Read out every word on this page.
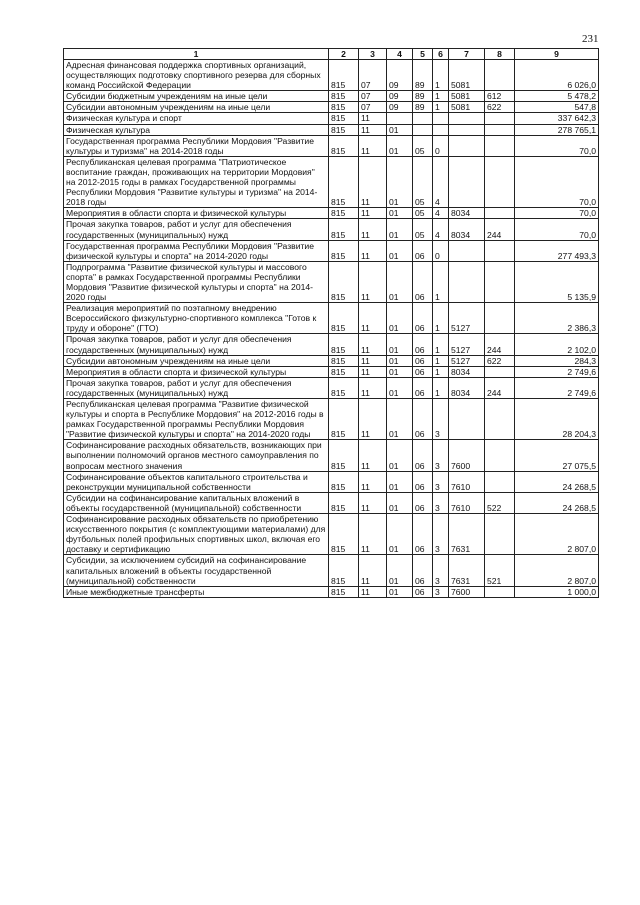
231
1	2	3	4	5	6	7	8	9
Адресная финансовая поддержка спортивных организаций, осуществляющих подготовку спортивного резерва для сборных команд Российской Федерации	815	07	09	89	1	5081		6 026,0
Субсидии бюджетным учреждениям на иные цели	815	07	09	89	1	5081	612	5 478,2
Субсидии автономным учреждениям на иные цели	815	07	09	89	1	5081	622	547,8
Физическая культура и спорт	815	11						337 642,3
Физическая культура	815	11	01					278 765,1
Государственная программа Республики Мордовия "Развитие культуры и туризма" на 2014-2018 годы	815	11	01	05	0			70,0
Республиканская целевая программа "Патриотическое воспитание граждан, проживающих на территории Мордовия" на 2012-2015 годы в рамках Государственной программы Республики Мордовия "Развитие культуры и туризма" на 2014-2018 годы	815	11	01	05	4			70,0
Мероприятия в области спорта и физической культуры	815	11	01	05	4	8034		70,0
Прочая закупка товаров, работ и услуг для обеспечения государственных (муниципальных) нужд	815	11	01	05	4	8034	244	70,0
Государственная программа Республики Мордовия "Развитие физической культуры и спорта" на 2014-2020 годы	815	11	01	06	0			277 493,3
Подпрограмма "Развитие физической культуры и массового спорта" в рамках Государственной программы Республики Мордовия "Развитие физической культуры и спорта" на 2014-2020 годы	815	11	01	06	1			5 135,9
Реализация мероприятий по поэтапному внедрению Всероссийского физкультурно-спортивного комплекса "Готов к труду и обороне" (ГТО)	815	11	01	06	1	5127		2 386,3
Прочая закупка товаров, работ и услуг для обеспечения государственных (муниципальных) нужд	815	11	01	06	1	5127	244	2 102,0
Субсидии автономным учреждениям на иные цели	815	11	01	06	1	5127	622	284,3
Мероприятия в области спорта и физической культуры	815	11	01	06	1	8034		2 749,6
Прочая закупка товаров, работ и услуг для обеспечения государственных (муниципальных) нужд	815	11	01	06	1	8034	244	2 749,6
Республиканская целевая программа "Развитие физической культуры и спорта в Республике Мордовия" на 2012-2016 годы в рамках Государственной программы Республики Мордовия "Развитие физической культуры и спорта" на 2014-2020 годы	815	11	01	06	3			28 204,3
Софинансирование расходных обязательств, возникающих при выполнении полномочий органов местного самоуправления по вопросам местного значения	815	11	01	06	3	7600		27 075,5
Софинансирование объектов капитального строительства и реконструкции муниципальной собственности	815	11	01	06	3	7610		24 268,5
Субсидии на софинансирование капитальных вложений в объекты государственной (муниципальной) собственности	815	11	01	06	3	7610	522	24 268,5
Софинансирование расходных обязательств по приобретению искусственного покрытия (с комплектующими материалами) для футбольных полей профильных спортивных школ, включая его доставку и сертификацию	815	11	01	06	3	7631		2 807,0
Субсидии, за исключением субсидий на софинансирование капитальных вложений в объекты государственной (муниципальной) собственности	815	11	01	06	3	7631	521	2 807,0
Иные межбюджетные трансферты	815	11	01	06	3	7600		1 000,0
